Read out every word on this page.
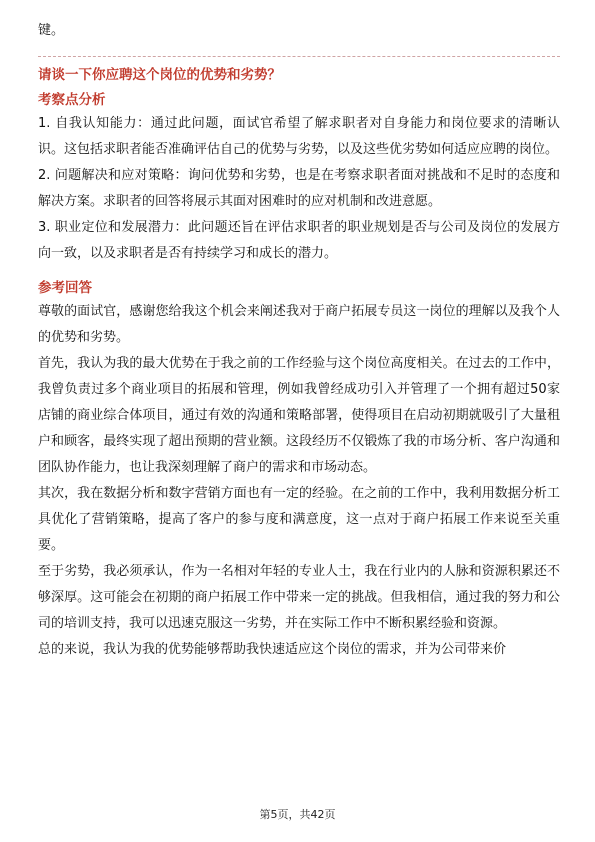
键。

请谈一下你应聘这个岗位的优势和劣势？

考察点分析

1. 自我认知能力：通过此问题，面试官希望了解求职者对自身能力和岗位要求的清晰认识。这包括求职者能否准确评估自己的优势与劣势，以及这些优劣势如何适应应聘的岗位。

2. 问题解决和应对策略：询问优势和劣势，也是在考察求职者面对挑战和不足时的态度和解决方案。求职者的回答将展示其面对困难时的应对机制和改进意愿。

3. 职业定位和发展潜力：此问题还旨在评估求职者的职业规划是否与公司及岗位的发展方向一致，以及求职者是否有持续学习和成长的潜力。

参考回答

尊敬的面试官，感谢您给我这个机会来阐述我对于商户拓展专员这一岗位的理解以及我个人的优势和劣势。

首先，我认为我的最大优势在于我之前的工作经验与这个岗位高度相关。在过去的工作中，我曾负责过多个商业项目的拓展和管理，例如我曾经成功引入并管理了一个拥有超过50家店铺的商业综合体项目，通过有效的沟通和策略部署，使得项目在启动初期就吸引了大量租户和顾客，最终实现了超出预期的营业额。这段经历不仅锻炼了我的市场分析、客户沟通和团队协作能力，也让我深刻理解了商户的需求和市场动态。

其次，我在数据分析和数字营销方面也有一定的经验。在之前的工作中，我利用数据分析工具优化了营销策略，提高了客户的参与度和满意度，这一点对于商户拓展工作来说至关重要。

至于劣势，我必须承认，作为一名相对年轻的专业人士，我在行业内的人脉和资源积累还不够深厚。这可能会在初期的商户拓展工作中带来一定的挑战。但我相信，通过我的努力和公司的培训支持，我可以迅速克服这一劣势，并在实际工作中不断积累经验和资源。

总的来说，我认为我的优势能够帮助我快速适应这个岗位的需求，并为公司带来价

第5页，共42页
